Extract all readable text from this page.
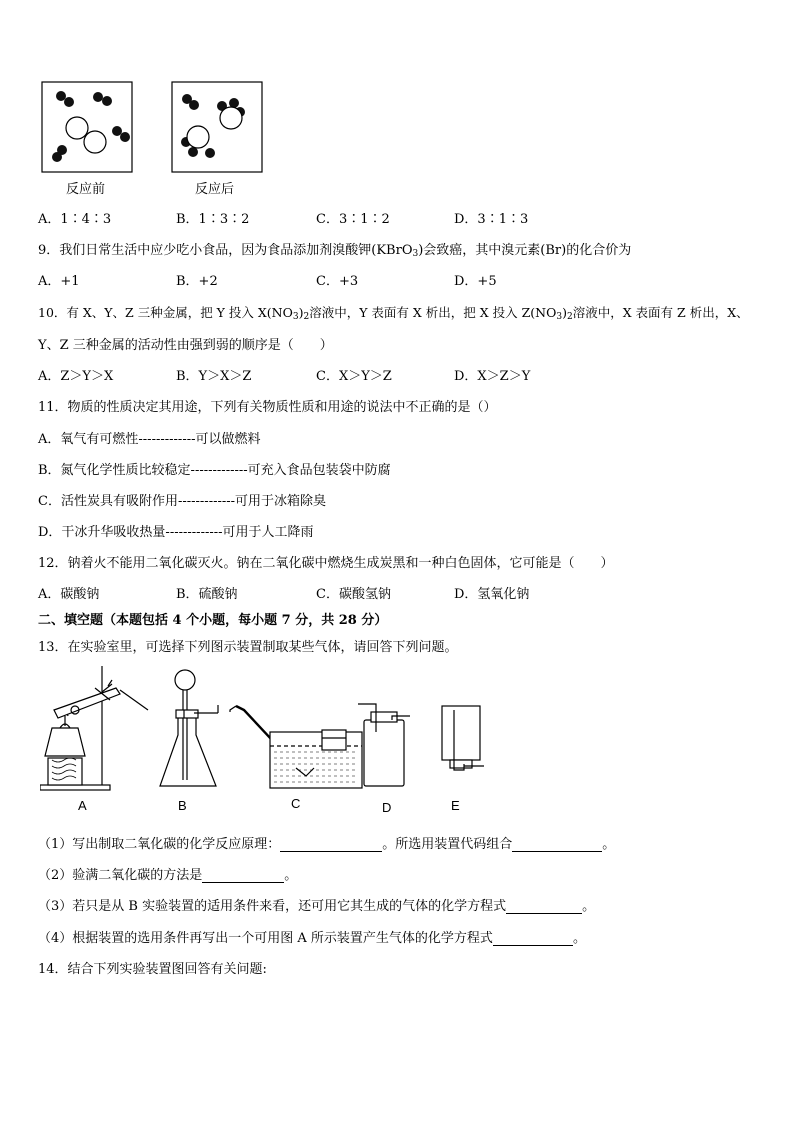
反应前	反应后
A．1∶4∶3	B．1∶3∶2	C．3∶1∶2	D．3∶1∶3
9．我们日常生活中应少吃小食品，因为食品添加剂溴酸钾(KBrO$_3$)会致癌，其中溴元素(Br)的化合价为
A．+1	B．+2	C．+3	D．+5
10．有 X、Y、Z 三种金属，把 Y 投入 $X(NO_3)_2$溶液中，Y 表面有 X 析出，把 X 投入 $Z(NO_3)_2$溶液中，X 表面有 Z 析出，X、
Y、Z 三种金属的活动性由强到弱的顺序是（　　）
A．Z＞Y＞X	B．Y＞X＞Z	C．X＞Y＞Z	D．X＞Z＞Y
11．物质的性质决定其用途，下列有关物质性质和用途的说法中不正确的是（）
A．氧气有可燃性-------------可以做燃料
B．氮气化学性质比较稳定-------------可充入食品包装袋中防腐
C．活性炭具有吸附作用-------------可用于冰箱除臭
D．干冰升华吸收热量-------------可用于人工降雨
12．钠着火不能用二氧化碳灭火。钠在二氧化碳中燃烧生成炭黑和一种白色固体，它可能是（　　）
A．碳酸钠	B．硫酸钠	C．碳酸氢钠	D．氢氧化钠
二、填空题（本题包括 4 个小题，每小题 7 分，共 28 分）
13．在实验室里，可选择下列图示装置制取某些气体，请回答下列问题。
A	B	C	D	E
（1）写出制取二氧化碳的化学反应原理：	。所选用装置代码组合	。
（2）验满二氧化碳的方法是	。
（3）若只是从 B 实验装置的适用条件来看，还可用它其生成的气体的化学方程式	。
（4）根据装置的选用条件再写出一个可用图 A 所示装置产生气体的化学方程式	。
14．结合下列实验装置图回答有关问题:
